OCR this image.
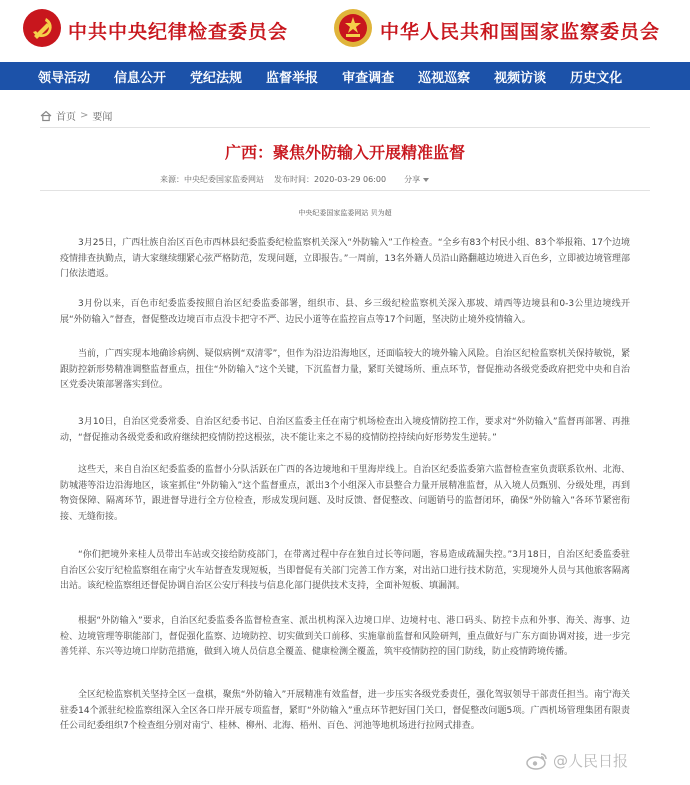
中共中央纪律检查委员会	中华人民共和国国家监察委员会
领导活动 信息公开 党纪法规 监督举报 审查调查 巡视巡察 视频访谈 历史文化
首页 > 要闻
广西：聚焦外防输入开展精准监督
来源： 中央纪委国家监委网站 发布时间： 2020-03-29 06:00 分享
中央纪委国家监委网站 贝为超

3月25日，广西壮族自治区百色市西林县纪委监委纪检监察机关深入“外防输入”工作检查。“全乡有83个村民小组、83个举报箱、17个边境疫情排查执勤点，请大家继续绷紧心弦严格防范，发现问题，立即报告。”一周前，13名外籍人员沿山路翻越边境进入百色乡，立即被边境管理部门依法遣返。

3月份以来，百色市纪委监委按照自治区纪委监委部署，组织市、县、乡三级纪检监察机关深入那坡、靖西等边境县和0-3公里边境线开展“外防输入”督查，督促整改边境百市点没卡把守不严、边民小道等在监控盲点等17个问题，坚决防止境外疫情输入。

当前，广西实现本地确诊病例、疑似病例“双清零”，但作为沿边沿海地区，还面临较大的境外输入风险。自治区纪检监察机关保持敏锐，紧跟防控新形势精准调整监督重点，扭住“外防输入”这个关键，下沉监督力量，紧盯关键场所、重点环节，督促推动各级党委政府把党中央和自治区党委决策部署落实到位。

3月10日，自治区党委常委、自治区纪委书记、自治区监委主任在南宁机场检查出入境疫情防控工作，要求对“外防输入”监督再部署、再推动，“督促推动各级党委和政府继续把疫情防控这根弦，决不能让来之不易的疫情防控持续向好形势发生逆转。”

这些天，来自自治区纪委监委的监督小分队活跃在广西的各边境地和干里海岸线上。自治区纪委监委第六监督检查室负责联系钦州、北海、防城港等沿边沿海地区，该室抓住“外防输入”这个监督重点，派出3个小组深入市县整合力量开展精准监督，从入境人员甄别、分级处理，再到物资保障、隔离环节，跟进督导进行全方位检查，形成发现问题、及时反馈、督促整改、问题销号的监督闭环，确保“外防输入”各环节紧密衔接、无缝衔接。

“你们把境外来桂人员带出车站或交接给防疫部门，在带离过程中存在独自过长等问题，容易造成疏漏失控。”3月18日，自治区纪委监委驻自治区公安厅纪检监察组在南宁火车站督查发现短板，当即督促有关部门完善工作方案，对出站口进行技术防范，实现境外人员与其他旅客隔离出站。该纪检监察组还督促协调自治区公安厅科技与信息化部门提供技术支持，全面补短板、填漏洞。

根据“外防输入”要求，自治区纪委监委各监督检查室、派出机构深入边境口岸、边境村屯、港口码头、防控卡点和外事、海关、海事、边检、边境管理等职能部门，督促强化监察、边境防控、切实做到关口前移、实施靠前监督和风险研判，重点做好与广东方面协调对接，进一步完善凭祥、东兴等边境口岸防范措施，做到入境人员信息全覆盖、健康检测全覆盖，筑牢疫情防控的国门防线，防止疫情跨境传播。

全区纪检监察机关坚持全区一盘棋，聚焦“外防输入”开展精准有效监督，进一步压实各级党委责任，强化驾驭领导干部责任担当。南宁海关驻委14个派驻纪检监察组深入全区各口岸开展专项监督，紧盯“外防输入”重点环节把好国门关口，督促整改问题5项。广西机场管理集团有限责任公司纪委组织7个检查组分别对南宁、桂林、柳州、北海、梧州、百色、河池等地机场进行拉网式排查。

@人民日报
